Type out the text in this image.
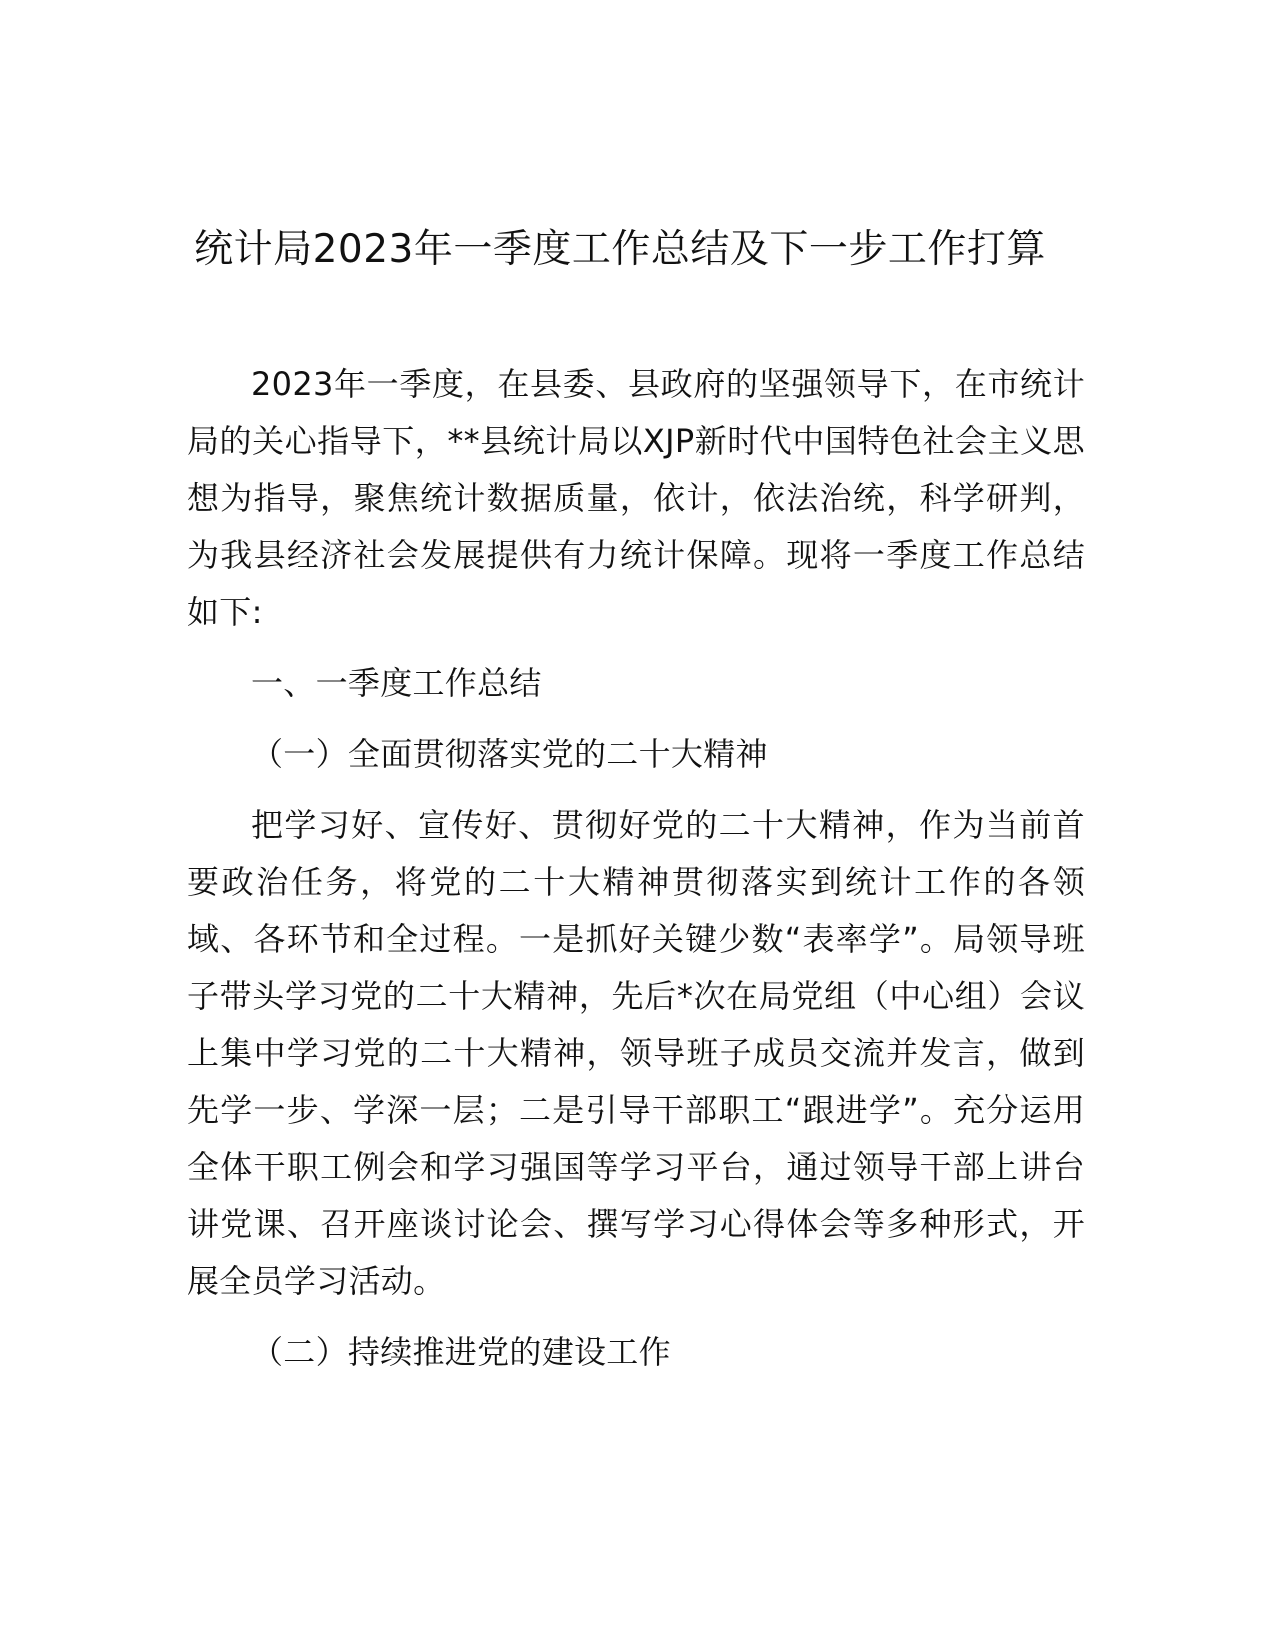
统计局2023年一季度工作总结及下一步工作打算

2023年一季度，在县委、县政府的坚强领导下，在市统计局的关心指导下，**县统计局以XJP新时代中国特色社会主义思想为指导，聚焦统计数据质量，依计，依法治统，科学研判，为我县经济社会发展提供有力统计保障。现将一季度工作总结如下:

一、一季度工作总结

（一）全面贯彻落实党的二十大精神

把学习好、宣传好、贯彻好党的二十大精神，作为当前首要政治任务，将党的二十大精神贯彻落实到统计工作的各领域、各环节和全过程。一是抓好关键少数“表率学”。局领导班子带头学习党的二十大精神，先后*次在局党组（中心组）会议上集中学习党的二十大精神，领导班子成员交流并发言，做到先学一步、学深一层；二是引导干部职工“跟进学”。充分运用全体干职工例会和学习强国等学习平台，通过领导干部上讲台讲党课、召开座谈讨论会、撰写学习心得体会等多种形式，开展全员学习活动。

（二）持续推进党的建设工作
